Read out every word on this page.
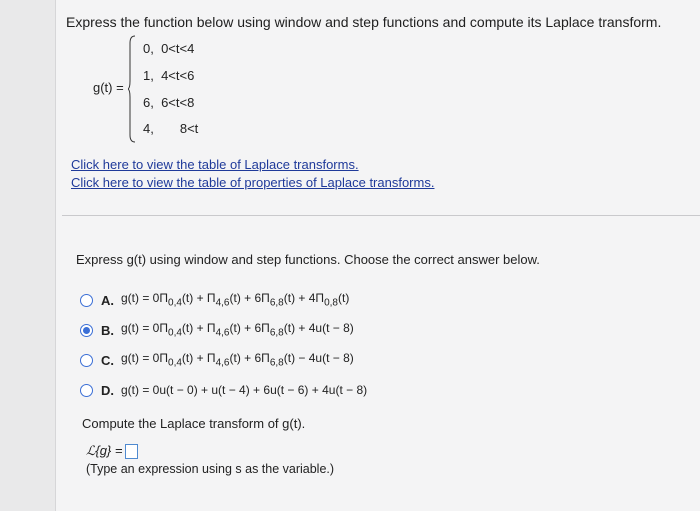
Express the function below using window and step functions and compute its Laplace transform.
g(t) =
0, 0<t<4
1, 4<t<6
6, 6<t<8
4, 8<t
Click here to view the table of Laplace transforms.
Click here to view the table of properties of Laplace transforms.
Express g(t) using window and step functions. Choose the correct answer below.
A. $g(t) = 0\Pi_{0,4}(t) + \Pi_{4,6}(t) + 6\Pi_{6,8}(t) + 4\Pi_{0,8}(t)$
B. $g(t) = 0\Pi_{0,4}(t) + \Pi_{4,6}(t) + 6\Pi_{6,8}(t) + 4u(t - 8)$
C. $g(t) = 0\Pi_{0,4}(t) + \Pi_{4,6}(t) + 6\Pi_{6,8}(t) - 4u(t - 8)$
D. g(t) = 0u(t − 0) + u(t − 4) + 6u(t − 6) + 4u(t − 8)
Compute the Laplace transform of g(t).
ℒ{g} =
(Type an expression using s as the variable.)
